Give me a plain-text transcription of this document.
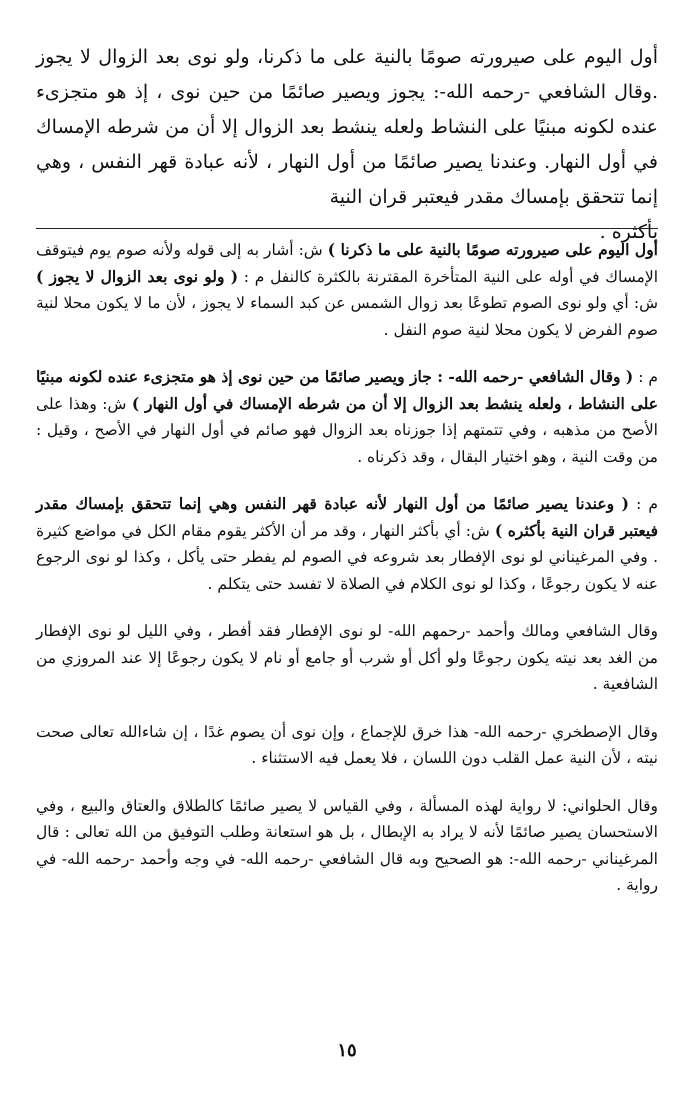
أول اليوم على صيرورته صومًا بالنية على ما ذكرنا، ولو نوى بعد الزوال لا يجوز .وقال الشافعي -رحمه الله-: يجوز ويصير صائمًا من حين نوى ، إذ هو متجزىء عنده لكونه مبنيًا على النشاط ولعله ينشط بعد الزوال إلا أن من شرطه الإمساك في أول النهار. وعندنا يصير صائمًا من أول النهار ، لأنه عبادة قهر النفس ، وهي إنما تتحقق بإمساك مقدر فيعتبر قران النية
بأكثره .

أول اليوم على صيرورته صومًا بالنية على ما ذكرنا ) ش: أشار به إلى قوله ولأنه صوم يوم فيتوقف الإمساك في أوله على النية المتأخرة المقترنة بالكثرة كالنفل م : ( ولو نوى بعد الزوال لا يجوز ) ش: أي ولو نوى الصوم تطوعًا بعد زوال الشمس عن كبد السماء لا يجوز ، لأن ما لا يكون محلا لنية صوم الفرض لا يكون محلا لنية صوم النفل .

م : ( وقال الشافعي -رحمه الله- : جاز ويصير صائمًا من حين نوى إذ هو متجزىء عنده لكونه مبنيًا على النشاط ، ولعله ينشط بعد الزوال إلا أن من شرطه الإمساك في أول النهار ) ش: وهذا على الأصح من مذهبه ، وفي تتمتهم إذا جوزناه بعد الزوال فهو صائم في أول النهار في الأصح ، وقيل : من وقت النية ، وهو اختيار البقال ، وقد ذكرناه .

م : ( وعندنا يصير صائمًا من أول النهار لأنه عبادة قهر النفس وهي إنما تتحقق بإمساك مقدر فيعتبر قران النية بأكثره ) ش: أي بأكثر النهار ، وقد مر أن الأكثر يقوم مقام الكل في مواضع كثيرة . وفي المرغيناني لو نوى الإفطار بعد شروعه في الصوم لم يفطر حتى يأكل ، وكذا لو نوى الرجوع عنه لا يكون رجوعًا ، وكذا لو نوى الكلام في الصلاة لا تفسد حتى يتكلم .

وقال الشافعي ومالك وأحمد -رحمهم الله- لو نوى الإفطار فقد أفطر ، وفي الليل لو نوى الإفطار من الغد بعد نيته يكون رجوعًا ولو أكل أو شرب أو جامع أو نام لا يكون رجوعًا إلا عند المروزي من الشافعية .

وقال الإصطخري -رحمه الله- هذا خرق للإجماع ، وإن نوى أن يصوم غدًا ، إن شاءالله تعالى صحت نيته ، لأن النية عمل القلب دون اللسان ، فلا يعمل فيه الاستثناء .

وقال الحلواني: لا رواية لهذه المسألة ، وفي القياس لا يصير صائمًا كالطلاق والعتاق والبيع ، وفي الاستحسان يصير صائمًا لأنه لا يراد به الإبطال ، بل هو استعانة وطلب التوفيق من الله تعالى : قال المرغيناني -رحمه الله-: هو الصحيح وبه قال الشافعي -رحمه الله- في وجه وأحمد -رحمه الله- في رواية .

١٥
